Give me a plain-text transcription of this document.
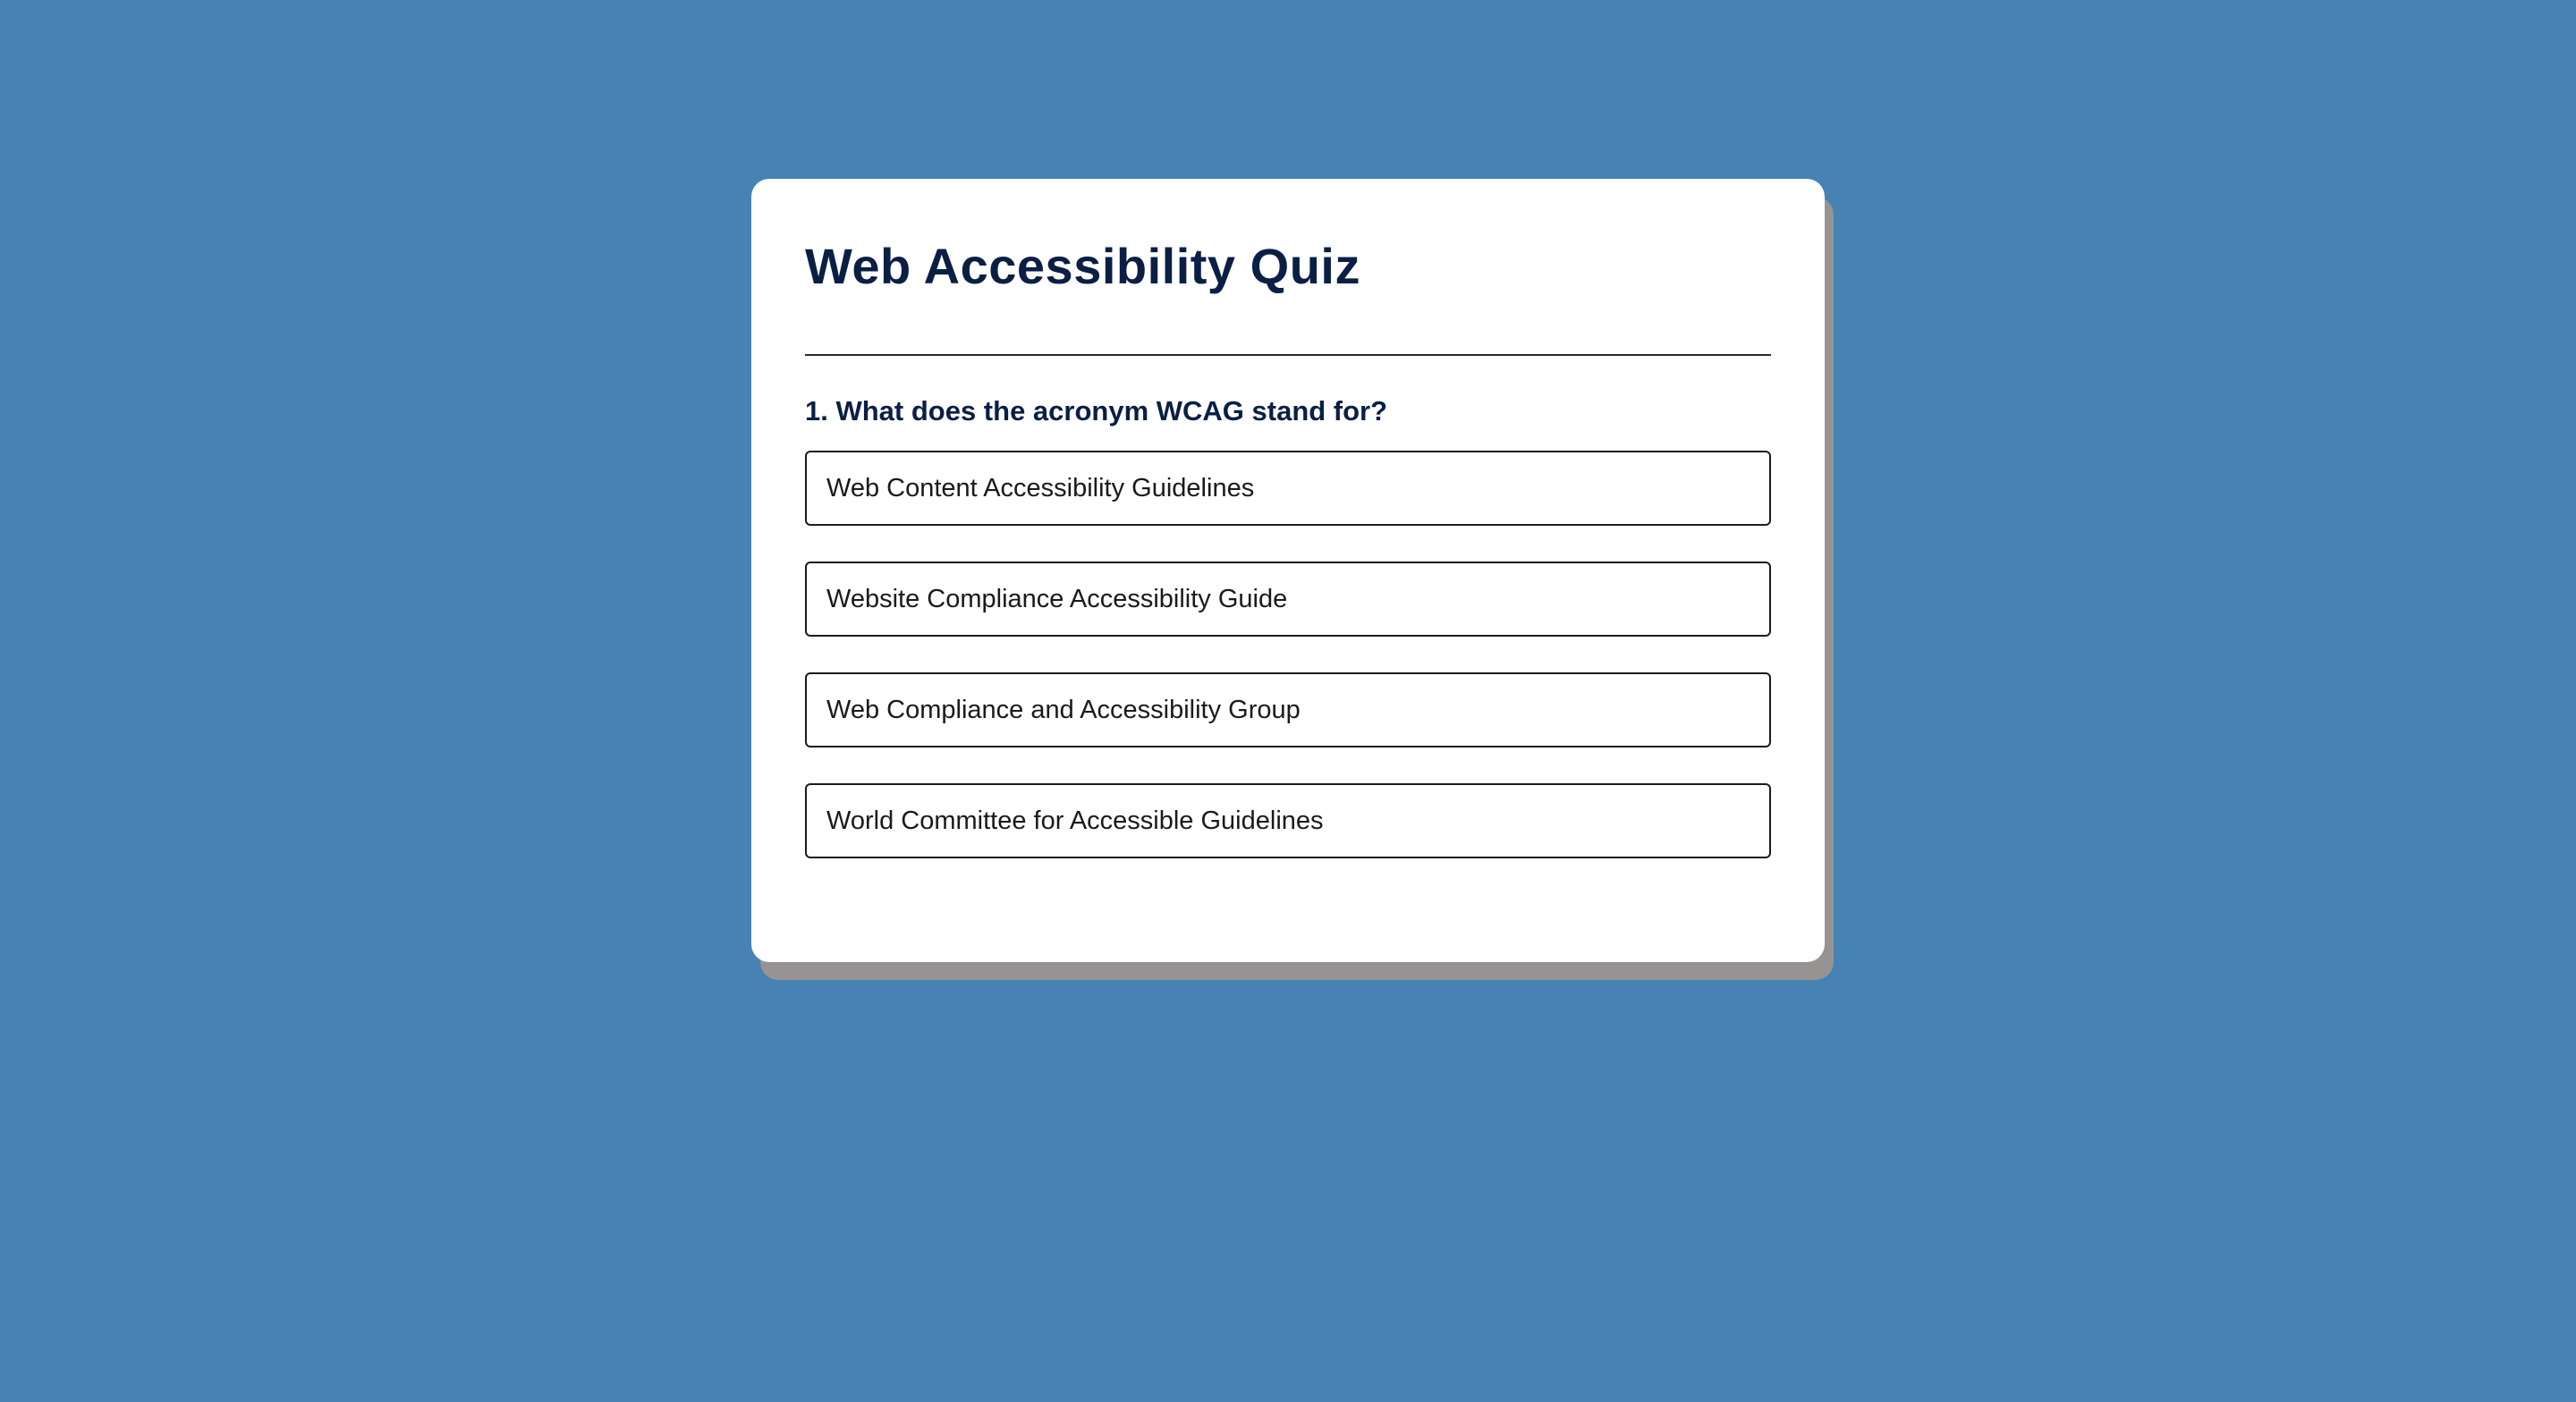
Web Accessibility Quiz
1. What does the acronym WCAG stand for?
Web Content Accessibility Guidelines
Website Compliance Accessibility Guide
Web Compliance and Accessibility Group
World Committee for Accessible Guidelines
